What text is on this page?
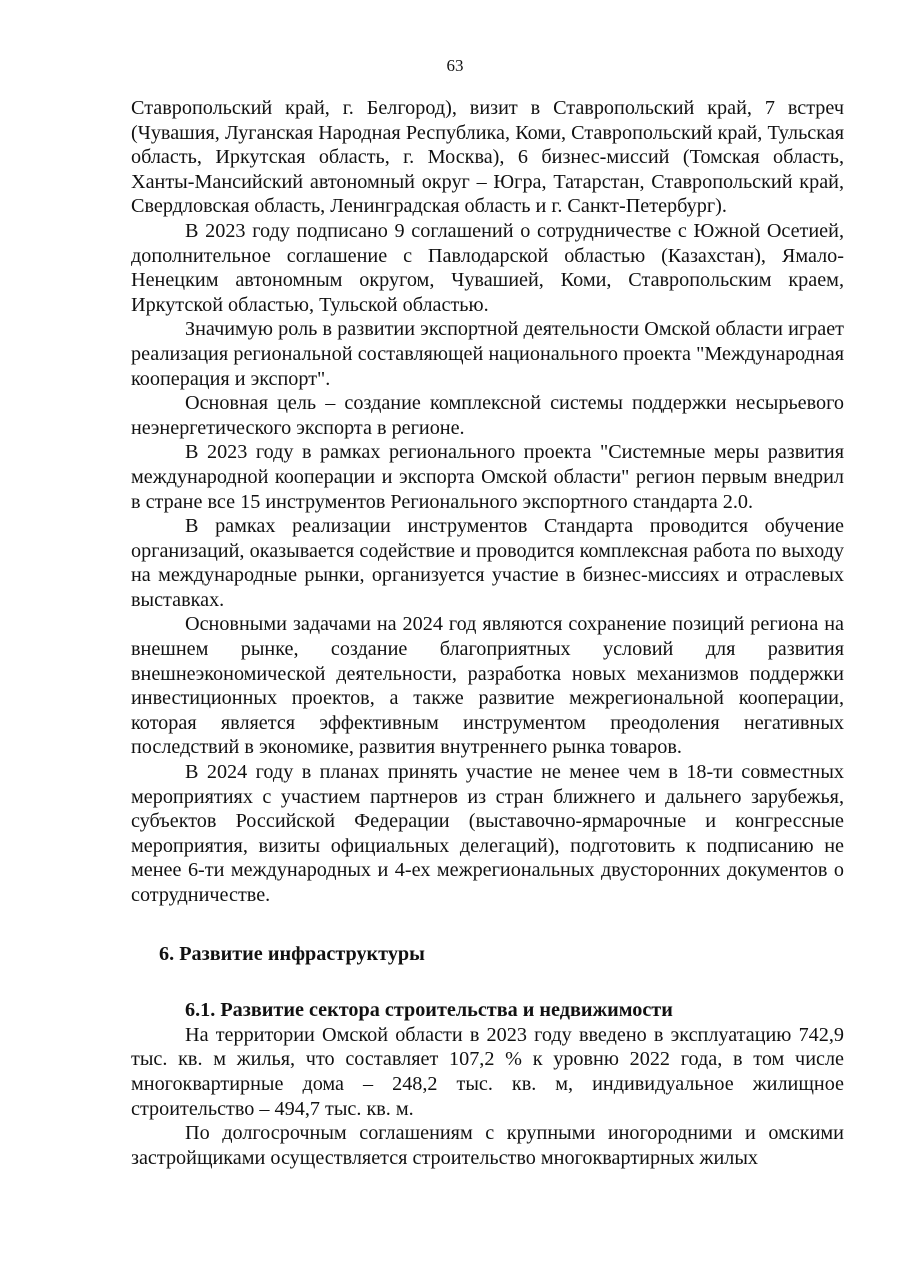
63

Ставропольский край, г. Белгород), визит в Ставропольский край, 7 встреч (Чувашия, Луганская Народная Республика, Коми, Ставропольский край, Тульская область, Иркутская область, г. Москва), 6 бизнес-миссий (Томская область, Ханты-Мансийский автономный округ – Югра, Татарстан, Ставропольский край, Свердловская область, Ленинградская область и г. Санкт-Петербург).

В 2023 году подписано 9 соглашений о сотрудничестве с Южной Осетией, дополнительное соглашение с Павлодарской областью (Казахстан), Ямало-Ненецким автономным округом, Чувашией, Коми, Ставропольским краем, Иркутской областью, Тульской областью.

Значимую роль в развитии экспортной деятельности Омской области играет реализация региональной составляющей национального проекта "Международная кооперация и экспорт".

Основная цель – создание комплексной системы поддержки несырьевого неэнергетического экспорта в регионе.

В 2023 году в рамках регионального проекта "Системные меры развития международной кооперации и экспорта Омской области" регион первым внедрил в стране все 15 инструментов Регионального экспортного стандарта 2.0.

В рамках реализации инструментов Стандарта проводится обучение организаций, оказывается содействие и проводится комплексная работа по выходу на международные рынки, организуется участие в бизнес-миссиях и отраслевых выставках.

Основными задачами на 2024 год являются сохранение позиций региона на внешнем рынке, создание благоприятных условий для развития внешнеэкономической деятельности, разработка новых механизмов поддержки инвестиционных проектов, а также развитие межрегиональной кооперации, которая является эффективным инструментом преодоления негативных последствий в экономике, развития внутреннего рынка товаров.

В 2024 году в планах принять участие не менее чем в 18-ти совместных мероприятиях с участием партнеров из стран ближнего и дальнего зарубежья, субъектов Российской Федерации (выставочно-ярмарочные и конгрессные мероприятия, визиты официальных делегаций), подготовить к подписанию не менее 6-ти международных и 4-ех межрегиональных двусторонних документов о сотрудничестве.

6. Развитие инфраструктуры

6.1. Развитие сектора строительства и недвижимости

На территории Омской области в 2023 году введено в эксплуатацию 742,9 тыс. кв. м жилья, что составляет 107,2 % к уровню 2022 года, в том числе многоквартирные дома – 248,2 тыс. кв. м, индивидуальное жилищное строительство – 494,7 тыс. кв. м.

По долгосрочным соглашениям с крупными иногородними и омскими застройщиками осуществляется строительство многоквартирных жилых
